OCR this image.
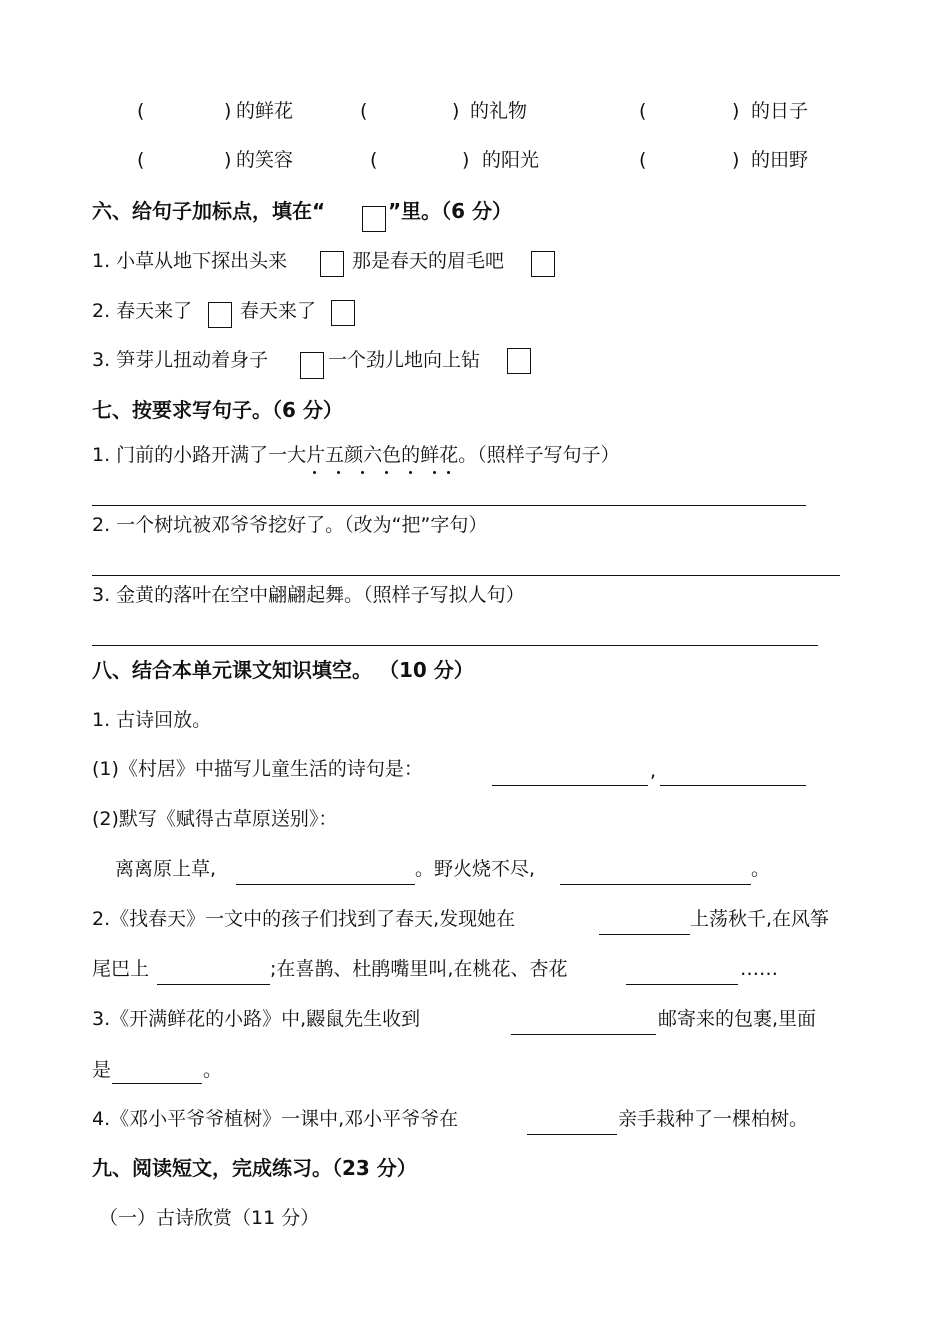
(	) 的鲜花	(	) 的礼物	(	) 的日子
(	) 的笑容	(	) 的阳光	(	) 的田野
六、给句子加标点，填在“	”里。（6 分）
1. 小草从地下探出头来	那是春天的眉毛吧
2. 春天来了	春天来了
3. 笋芽儿扭动着身子	一个劲儿地向上钻
七、按要求写句子。（6 分）
1. 门前的小路开满了一大片五颜六色的鲜花。（照样子写句子）
2. 一个树坑被邓爷爷挖好了。（改为“把”字句）
3. 金黄的落叶在空中翩翩起舞。（照样子写拟人句）
八、结合本单元课文知识填空。 （10 分）
1. 古诗回放。
(1)《村居》中描写儿童生活的诗句是：	,
(2)默写《赋得古草原送别》：
离离原上草,	。野火烧不尽,	。
2.《找春天》一文中的孩子们找到了春天,发现她在	上荡秋千,在风筝
尾巴上	;在喜鹊、杜鹃嘴里叫,在桃花、杏花	……
3.《开满鲜花的小路》中,鼹鼠先生收到	邮寄来的包裹,里面
是	。
4.《邓小平爷爷植树》一课中,邓小平爷爷在	亲手栽种了一棵柏树。
九、阅读短文，完成练习。（23 分）
（一）古诗欣赏（11 分）
